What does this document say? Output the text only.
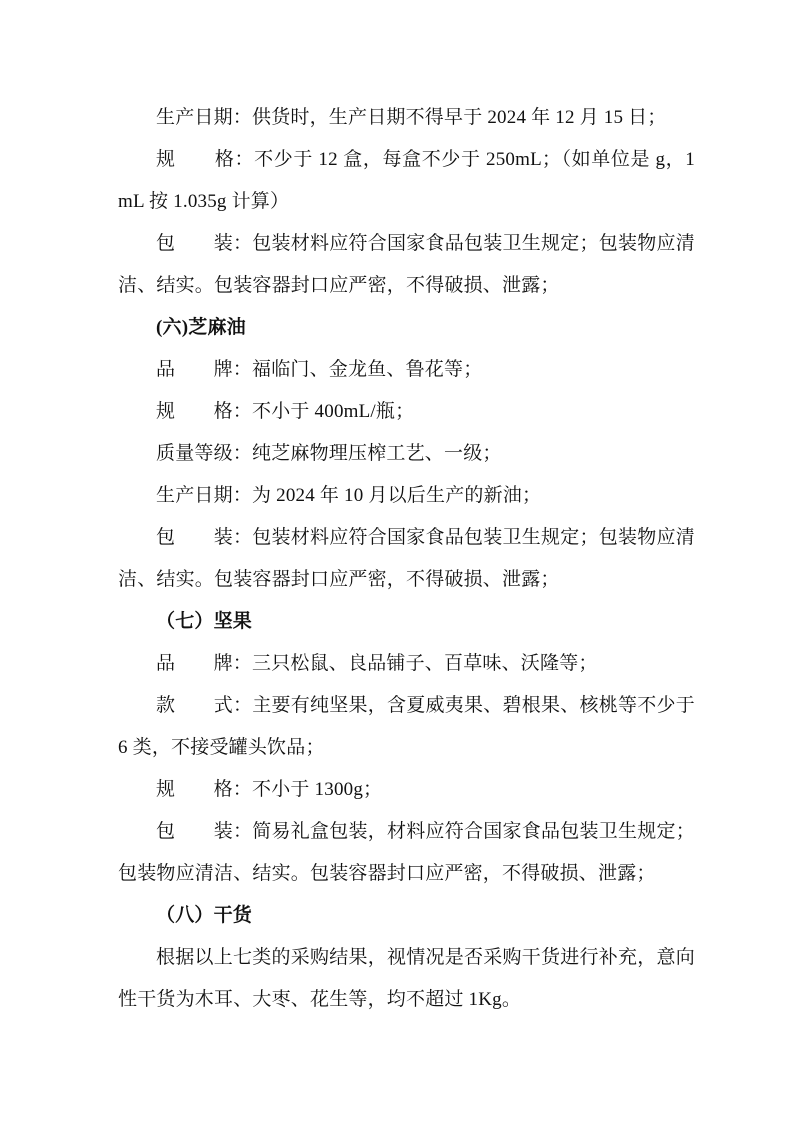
生产日期：供货时，生产日期不得早于 2024 年 12 月 15 日；

规　　格：不少于 12 盒，每盒不少于 250mL；（如单位是 g，1mL 按 1.035g 计算）

包　　装：包装材料应符合国家食品包装卫生规定；包装物应清洁、结实。包装容器封口应严密，不得破损、泄露；

(六)芝麻油

品　　牌：福临门、金龙鱼、鲁花等；

规　　格：不小于 400mL/瓶；

质量等级：纯芝麻物理压榨工艺、一级；

生产日期：为 2024 年 10 月以后生产的新油；

包　　装：包装材料应符合国家食品包装卫生规定；包装物应清洁、结实。包装容器封口应严密，不得破损、泄露；

（七）坚果

品　　牌：三只松鼠、良品铺子、百草味、沃隆等；

款　　式：主要有纯坚果，含夏威夷果、碧根果、核桃等不少于 6 类，不接受罐头饮品；

规　　格：不小于 1300g；

包　　装：简易礼盒包装，材料应符合国家食品包装卫生规定；包装物应清洁、结实。包装容器封口应严密，不得破损、泄露；

（八）干货

根据以上七类的采购结果，视情况是否采购干货进行补充，意向性干货为木耳、大枣、花生等，均不超过 1Kg。
